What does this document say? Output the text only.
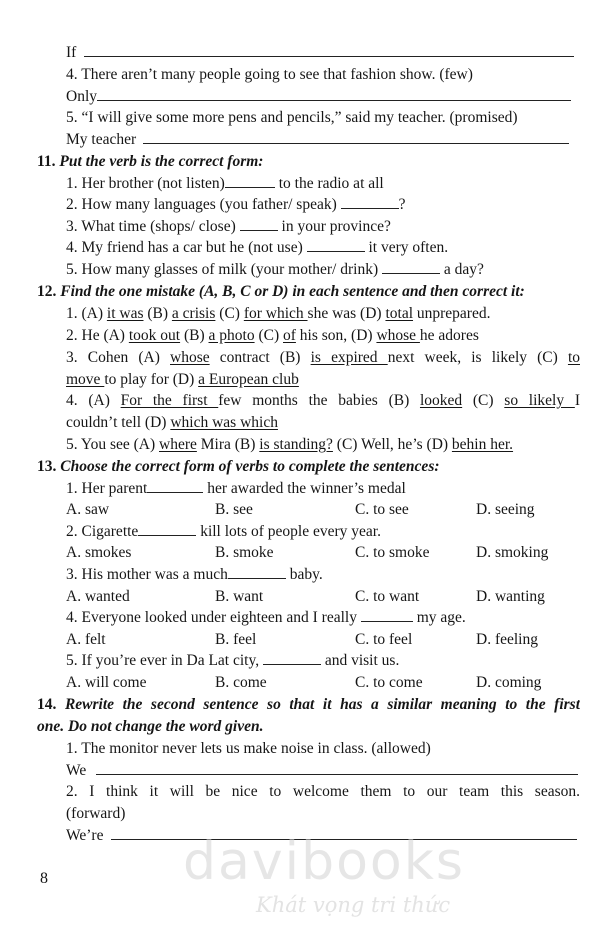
If
4. There aren’t many people going to see that fashion show. (few)
Only
5. “I will give some more pens and pencils,” said my teacher. (promised)
My teacher
11. Put the verb is the correct form:
1. Her brother (not listen)	to the radio at all
2. How many languages (you father/ speak)	?
3. What time (shops/ close)  in your province?
4. My friend has a car but he (not use)	it very often.
5. How many glasses of milk (your mother/ drink)	a day?
12. Find the one mistake (A, B, C or D) in each sentence and then correct it:
1. (A) it was (B) a crisis (C) for which she was (D) total unprepared.
2. He (A) took out (B) a photo (C) of his son, (D) whose he adores
3. Cohen (A) whose contract (B) is expired next week, is likely (C) to
move to play for (D) a European club
4. (A) For the first few months the babies (B) looked (C) so likely I
couldn’t tell (D) which was which
5. You see (A) where Mira (B) is standing? (C) Well, he’s (D) behin her.
13. Choose the correct form of verbs to complete the sentences:
1. Her parent	her awarded the winner’s medal
A. saw	B. see	C. to see	D. seeing
2. Cigarette	kill lots of people every year.
A. smokes	B. smoke	C. to smoke	D. smoking
3. His mother was a much	baby.
A. wanted	B. want	C. to want	D. wanting
4. Everyone looked under eighteen and I really	my age.
A. felt	B. feel	C. to feel	D. feeling
5. If you’re ever in Da Lat city,	and visit us.
A. will come	B. come	C. to come	D. coming
14. Rewrite the second sentence so that it has a similar meaning to the first
one. Do not change the word given.
1. The monitor never lets us make noise in class. (allowed)
We
2. I think it will be nice to welcome them to our team this season.
(forward)
We’re
8	davibooks
Khát vọng tri thức
